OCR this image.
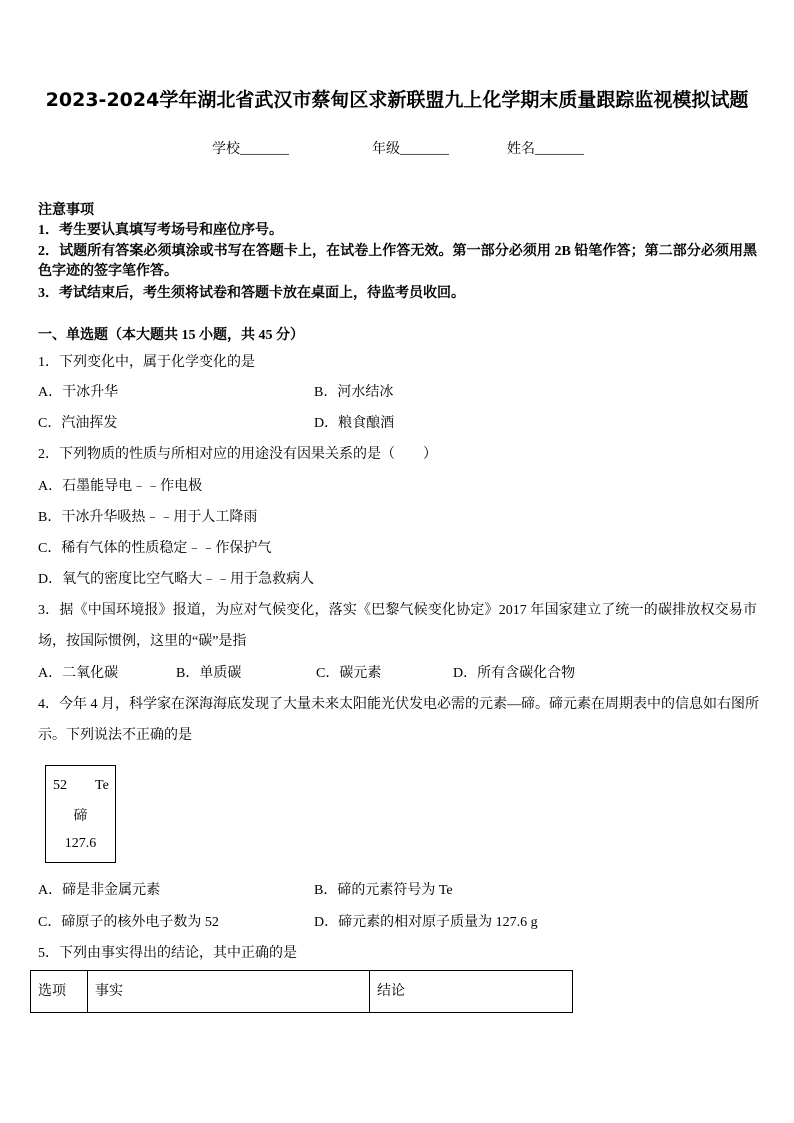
2023-2024学年湖北省武汉市蔡甸区求新联盟九上化学期末质量跟踪监视模拟试题
学校_______	年级_______	姓名_______
注意事项
1．考生要认真填写考场号和座位序号。
2．试题所有答案必须填涂或书写在答题卡上，在试卷上作答无效。第一部分必须用 2B 铅笔作答；第二部分必须用黑
色字迹的签字笔作答。
3．考试结束后，考生须将试卷和答题卡放在桌面上，待监考员收回。
一、单选题（本大题共 15 小题，共 45 分）
1．下列变化中，属于化学变化的是
A．干冰升华	B．河水结冰
C．汽油挥发	D．粮食酿酒
2．下列物质的性质与所相对应的用途没有因果关系的是（　　）
A．石墨能导电﹣﹣作电极
B．干冰升华吸热﹣﹣用于人工降雨
C．稀有气体的性质稳定﹣﹣作保护气
D．氧气的密度比空气略大﹣﹣用于急救病人
3．据《中国环境报》报道，为应对气候变化，落实《巴黎气候变化协定》2017 年国家建立了统一的碳排放权交易市
场，按国际惯例，这里的“碳”是指
A．二氧化碳	B．单质碳	C．碳元素	D．所有含碳化合物
4．今年 4 月，科学家在深海海底发现了大量未来太阳能光伏发电必需的元素—碲。碲元素在周期表中的信息如右图所
示。下列说法不正确的是
52 Te
碲
127.6
A．碲是非金属元素	B．碲的元素符号为 Te
C．碲原子的核外电子数为 52	D．碲元素的相对原子质量为 127.6 g
5．下列由事实得出的结论，其中正确的是
选项	事实	结论
